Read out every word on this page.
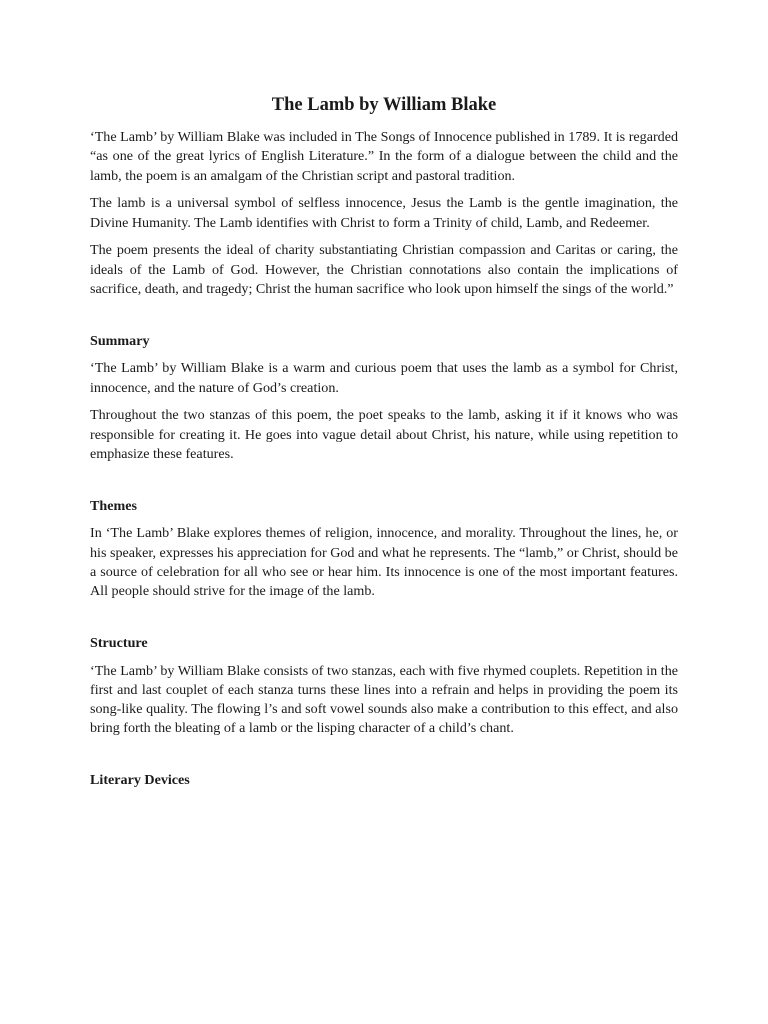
The Lamb by William Blake

‘The Lamb’ by William Blake was included in The Songs of Innocence published in 1789. It is regarded “as one of the great lyrics of English Literature.” In the form of a dialogue between the child and the lamb, the poem is an amalgam of the Christian script and pastoral tradition.

The lamb is a universal symbol of selfless innocence, Jesus the Lamb is the gentle imagination, the Divine Humanity. The Lamb identifies with Christ to form a Trinity of child, Lamb, and Redeemer.

The poem presents the ideal of charity substantiating Christian compassion and Caritas or caring, the ideals of the Lamb of God. However, the Christian connotations also contain the implications of sacrifice, death, and tragedy; Christ the human sacrifice who look upon himself the sings of the world.”

Summary

‘The Lamb’ by William Blake is a warm and curious poem that uses the lamb as a symbol for Christ, innocence, and the nature of God’s creation.

Throughout the two stanzas of this poem, the poet speaks to the lamb, asking it if it knows who was responsible for creating it. He goes into vague detail about Christ, his nature, while using repetition to emphasize these features.

Themes

In ‘The Lamb’ Blake explores themes of religion, innocence, and morality. Throughout the lines, he, or his speaker, expresses his appreciation for God and what he represents. The “lamb,” or Christ, should be a source of celebration for all who see or hear him. Its innocence is one of the most important features. All people should strive for the image of the lamb.

Structure

‘The Lamb’ by William Blake consists of two stanzas, each with five rhymed couplets. Repetition in the first and last couplet of each stanza turns these lines into a refrain and helps in providing the poem its song-like quality. The flowing l’s and soft vowel sounds also make a contribution to this effect, and also bring forth the bleating of a lamb or the lisping character of a child’s chant.

Literary Devices
